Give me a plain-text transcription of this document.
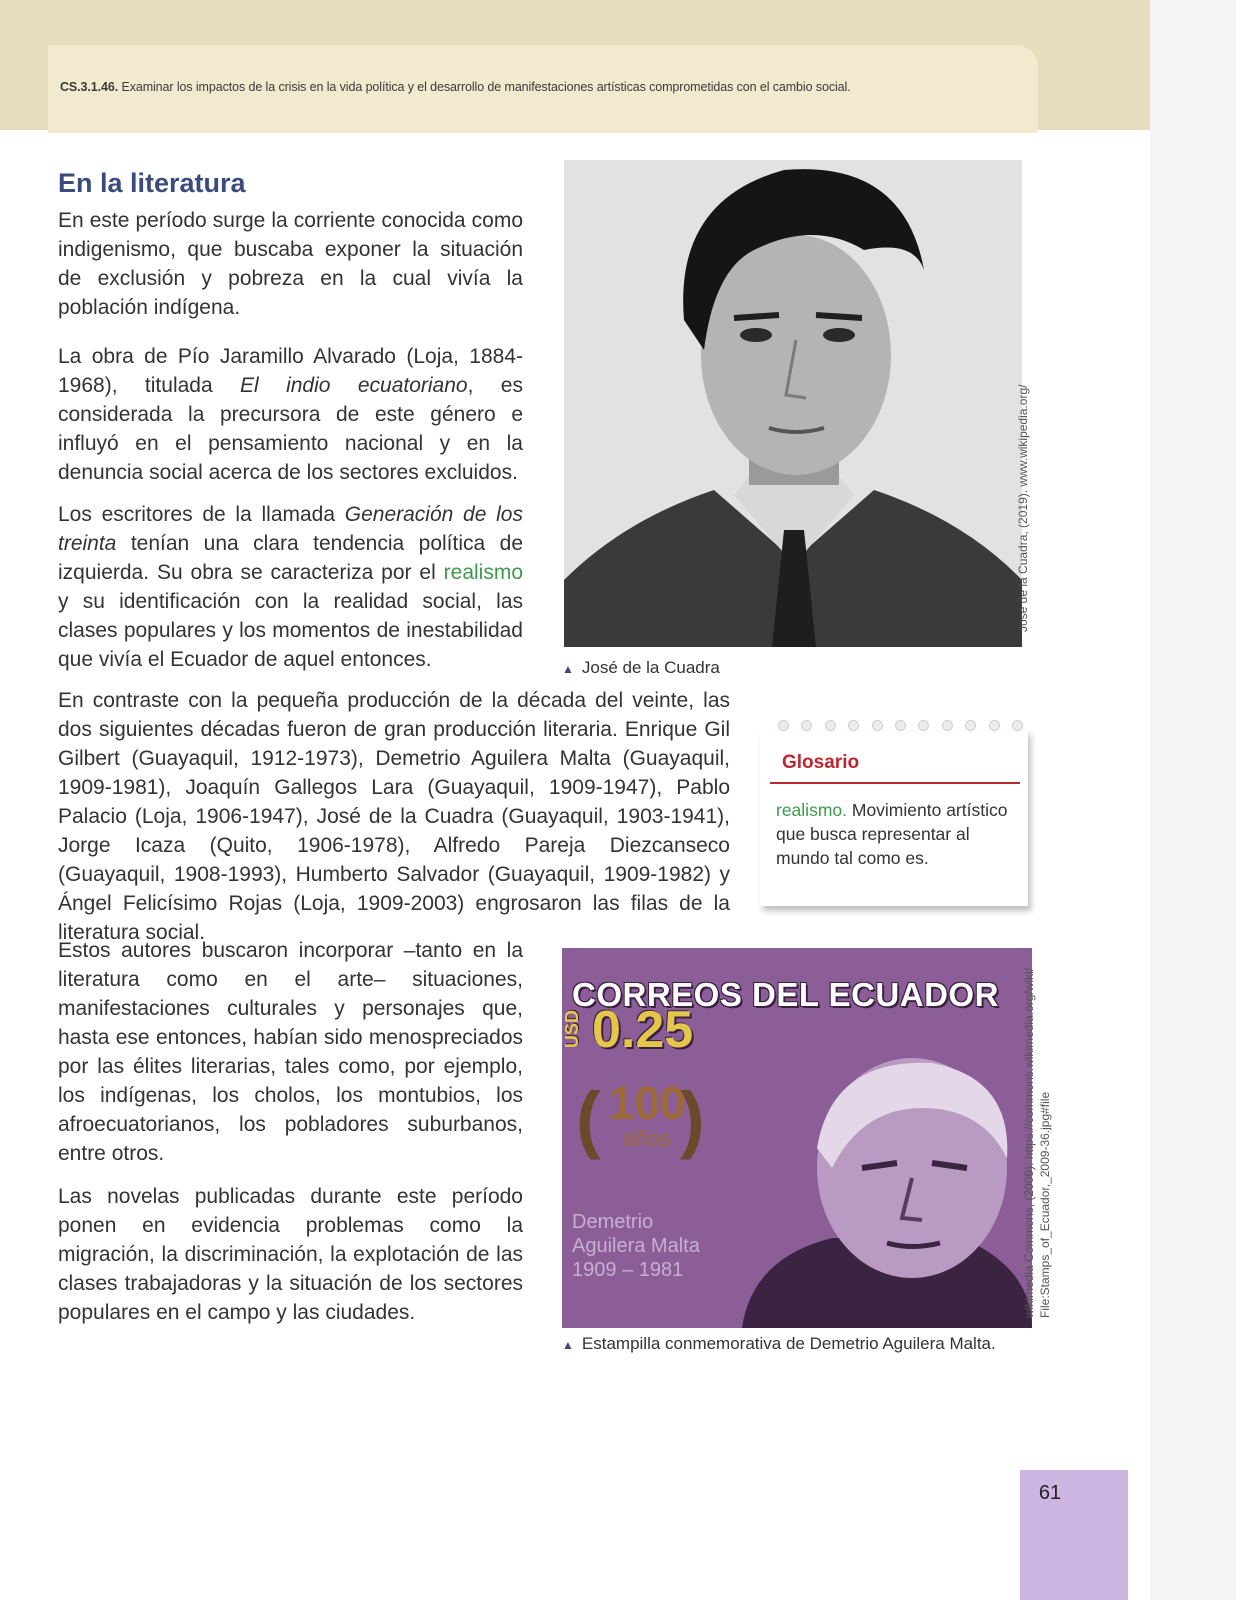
CS.3.1.46. Examinar los impactos de la crisis en la vida política y el desarrollo de manifestaciones artísticas comprometidas con el cambio social.
En la literatura

En este período surge la corriente conocida como indigenismo, que buscaba exponer la situación de exclusión y pobreza en la cual vivía la población indígena.

La obra de Pío Jaramillo Alvarado (Loja, 1884-1968), titulada El indio ecuatoriano, es considerada la precursora de este género e influyó en el pensamiento nacional y en la denuncia social acerca de los sectores excluidos.

Los escritores de la llamada Generación de los treinta tenían una clara tendencia política de izquierda. Su obra se caracteriza por el realismo y su identificación con la realidad social, las clases populares y los momentos de inestabilidad que vivía el Ecuador de aquel entonces.

En contraste con la pequeña producción de la década del veinte, las dos siguientes décadas fueron de gran producción literaria. Enrique Gil Gilbert (Guayaquil, 1912-1973), Demetrio Aguilera Malta (Guayaquil, 1909-1981), Joaquín Gallegos Lara (Guayaquil, 1909-1947), Pablo Palacio (Loja, 1906-1947), José de la Cuadra (Guayaquil, 1903-1941), Jorge Icaza (Quito, 1906-1978), Alfredo Pareja Diezcanseco (Guayaquil, 1908-1993), Humberto Salvador (Guayaquil, 1909-1982) y Ángel Felicísimo Rojas (Loja, 1909-2003) engrosaron las filas de la literatura social.

Estos autores buscaron incorporar –tanto en la literatura como en el arte– situaciones, manifestaciones culturales y personajes que, hasta ese entonces, habían sido menospreciados por las élites literarias, tales como, por ejemplo, los indígenas, los cholos, los montubios, los afroecuatorianos, los pobladores suburbanos, entre otros.

Las novelas publicadas durante este período ponen en evidencia problemas como la migración, la discriminación, la explotación de las clases trabajadoras y la situación de los sectores populares en el campo y las ciudades.

Jose de la Cuadra, (2019). www.wikipedia.org/
▲ José de la Cuadra
Glosario
realismo. Movimiento artístico que busca representar al mundo tal como es.
CORREOS DEL ECUADOR
USD 0.25
( )
100
años
Demetrio
Aguilera Malta
1909 – 1981	wikimedia Commons, (2009). https://commons.wikimedia.org/wiki/ File:Stamps_of_Ecuador,_2009-36.jpg#file
▲ Estampilla conmemorativa de Demetrio Aguilera Malta.
61
